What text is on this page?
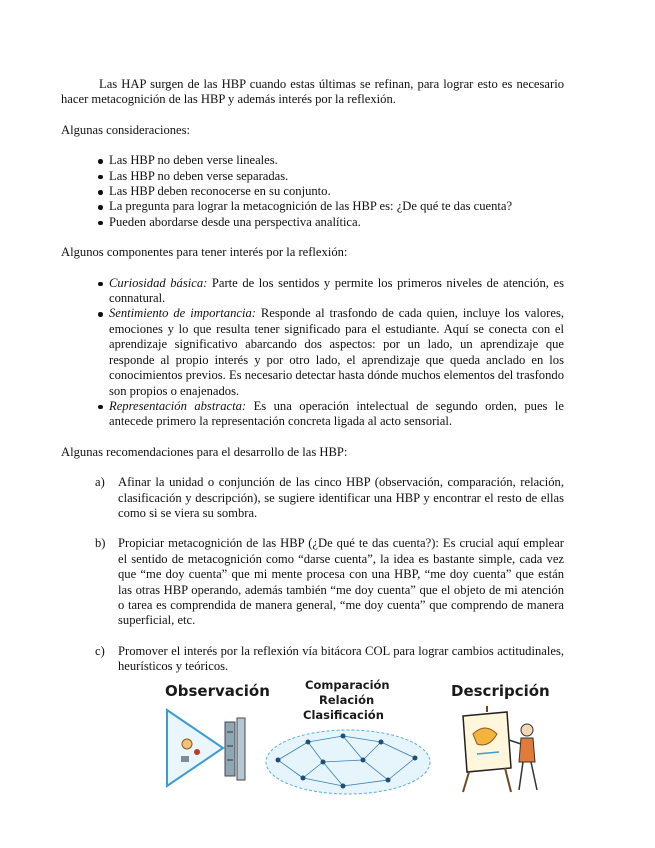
Las HAP surgen de las HBP cuando estas últimas se refinan, para lograr esto es necesario hacer metacognición de las HBP y además interés por la reflexión.

Algunas consideraciones:

Las HBP no deben verse lineales.
Las HBP no deben verse separadas.
Las HBP deben reconocerse en su conjunto.
La pregunta para lograr la metacognición de las HBP es: ¿De qué te das cuenta?
Pueden abordarse desde una perspectiva analítica.

Algunos componentes para tener interés por la reflexión:

Curiosidad básica: Parte de los sentidos y permite los primeros niveles de atención, es connatural.
Sentimiento de importancia: Responde al trasfondo de cada quien, incluye los valores, emociones y lo que resulta tener significado para el estudiante. Aquí se conecta con el aprendizaje significativo abarcando dos aspectos: por un lado, un aprendizaje que responde al propio interés y por otro lado, el aprendizaje que queda anclado en los conocimientos previos. Es necesario detectar hasta dónde muchos elementos del trasfondo son propios o enajenados.
Representación abstracta: Es una operación intelectual de segundo orden, pues le antecede primero la representación concreta ligada al acto sensorial.

Algunas recomendaciones para el desarrollo de las HBP:

a) Afinar la unidad o conjunción de las cinco HBP (observación, comparación, relación, clasificación y descripción), se sugiere identificar una HBP y encontrar el resto de ellas como si se viera su sombra.
b) Propiciar metacognición de las HBP (¿De qué te das cuenta?): Es crucial aquí emplear el sentido de metacognición como “darse cuenta”, la idea es bastante simple, cada vez que “me doy cuenta” que mi mente procesa con una HBP, “me doy cuenta” que están las otras HBP operando, además también “me doy cuenta” que el objeto de mi atención o tarea es comprendida de manera general, “me doy cuenta” que comprendo de manera superficial, etc.
c) Promover el interés por la reflexión vía bitácora COL para lograr cambios actitudinales, heurísticos y teóricos.
Observación	Comparación
Relación
Clasificación
Descripción
